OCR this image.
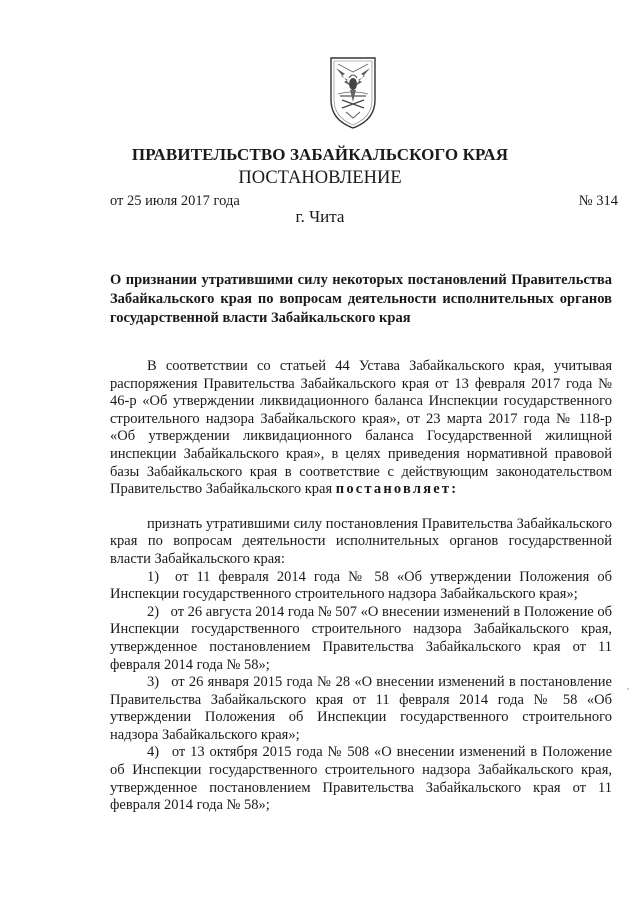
ПРАВИТЕЛЬСТВО ЗАБАЙКАЛЬСКОГО КРАЯ
ПОСТАНОВЛЕНИЕ
от 25 июля 2017 года	№ 314
г. Чита
О признании утратившими силу некоторых постановлений Правительства Забайкальского края по вопросам деятельности исполнительных органов государственной власти Забайкальского края

В соответствии со статьей 44 Устава Забайкальского края, учитывая распоряжения Правительства Забайкальского края от 13 февраля 2017 года № 46-р «Об утверждении ликвидационного баланса Инспекции государственного строительного надзора Забайкальского края», от 23 марта 2017 года № 118-р «Об утверждении ликвидационного баланса Государственной жилищной инспекции Забайкальского края», в целях приведения нормативной правовой базы Забайкальского края в соответствие с действующим законодательством Правительство Забайкальского края постановляет:

признать утратившими силу постановления Правительства Забайкальского края по вопросам деятельности исполнительных органов государственной власти Забайкальского края:

1) от 11 февраля 2014 года № 58 «Об утверждении Положения об Инспекции государственного строительного надзора Забайкальского края»;

2) от 26 августа 2014 года № 507 «О внесении изменений в Положение об Инспекции государственного строительного надзора Забайкальского края, утвержденное постановлением Правительства Забайкальского края от 11 февраля 2014 года № 58»;

3) от 26 января 2015 года № 28 «О внесении изменений в постановление Правительства Забайкальского края от 11 февраля 2014 года № 58 «Об утверждении Положения об Инспекции государственного строительного надзора Забайкальского края»;

4) от 13 октября 2015 года № 508 «О внесении изменений в Положение об Инспекции государственного строительного надзора Забайкальского края, утвержденное постановлением Правительства Забайкальского края от 11 февраля 2014 года № 58»;
